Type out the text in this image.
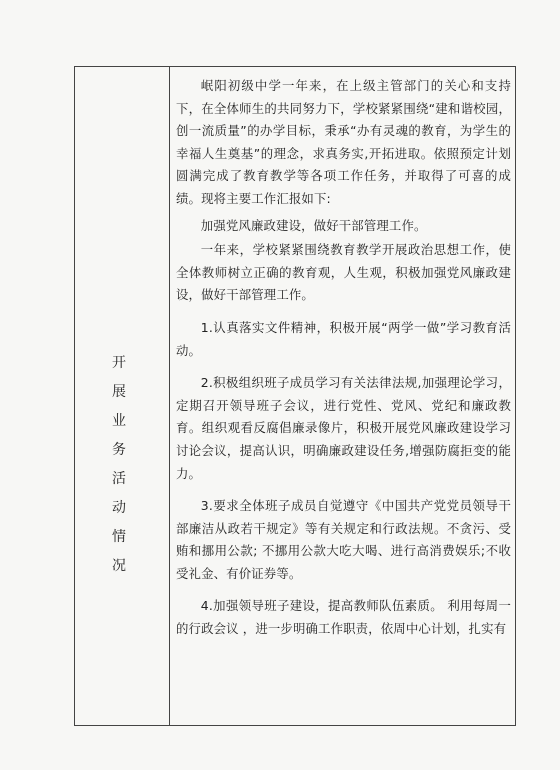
开
展
业
务
活
动
情
况

岷阳初级中学一年来，在上级主管部门的关心和支持下，在全体师生的共同努力下，学校紧紧围绕“建和谐校园，创一流质量”的办学目标，秉承“办有灵魂的教育，为学生的幸福人生奠基”的理念，求真务实,开拓进取。依照预定计划圆满完成了教育教学等各项工作任务，并取得了可喜的成绩。现将主要工作汇报如下:

加强党风廉政建设，做好干部管理工作。

一年来，学校紧紧围绕教育教学开展政治思想工作，使全体教师树立正确的教育观，人生观，积极加强党风廉政建设，做好干部管理工作。

1.认真落实文件精神，积极开展“两学一做”学习教育活动。

2.积极组织班子成员学习有关法律法规,加强理论学习，定期召开领导班子会议，进行党性、党风、党纪和廉政教育。组织观看反腐倡廉录像片，积极开展党风廉政建设学习讨论会议，提高认识，明确廉政建设任务,增强防腐拒变的能力。

3.要求全体班子成员自觉遵守《中国共产党党员领导干部廉洁从政若干规定》等有关规定和行政法规。不贪污、受贿和挪用公款; 不挪用公款大吃大喝、进行高消费娱乐;不收受礼金、有价证券等。

4.加强领导班子建设，提高教师队伍素质。 利用每周一的行政会议 ，进一步明确工作职责，依周中心计划，扎实有
